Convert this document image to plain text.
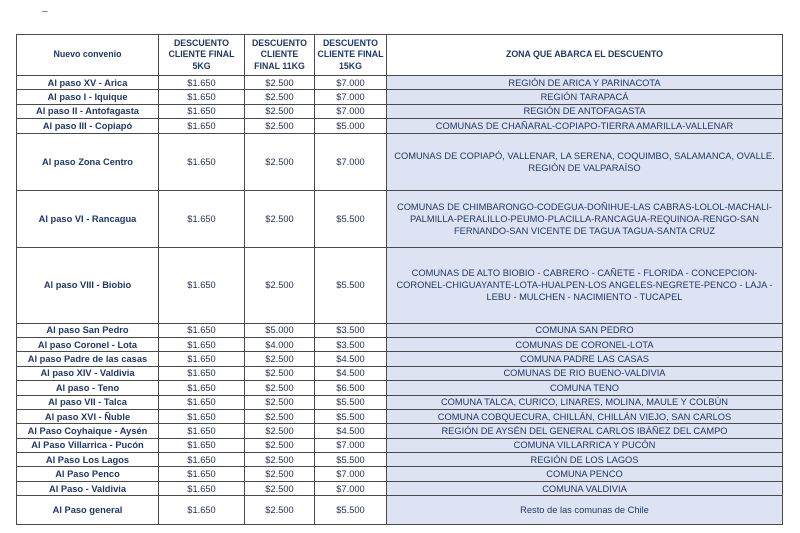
–
Nuevo convenio	DESCUENTO CLIENTE FINAL 5KG	DESCUENTO CLIENTE FINAL 11KG	DESCUENTO CLIENTE FINAL 15KG	ZONA QUE ABARCA EL DESCUENTO
Al paso XV - Arica	$1.650	$2.500	$7.000	REGIÓN DE ARICA Y PARINACOTA
Al paso I - Iquique	$1.650	$2.500	$7.000	REGIÓN TARAPACÁ
Al paso II - Antofagasta	$1.650	$2.500	$7.000	REGIÓN DE ANTOFAGASTA
Al paso III - Copiapó	$1.650	$2.500	$5.000	COMUNAS DE CHAÑARAL-COPIAPO-TIERRA AMARILLA-VALLENAR
Al paso Zona Centro	$1.650	$2.500	$7.000	COMUNAS DE COPIAPÓ, VALLENAR, LA SERENA, COQUIMBO, SALAMANCA, OVALLE. REGIÓN DE VALPARAÍSO
Al paso VI - Rancagua	$1.650	$2.500	$5.500	COMUNAS DE CHIMBARONGO-CODEGUA-DOÑIHUE-LAS CABRAS-LOLOL-MACHALI-PALMILLA-PERALILLO-PEUMO-PLACILLA-RANCAGUA-REQUINOA-RENGO-SAN FERNANDO-SAN VICENTE DE TAGUA TAGUA-SANTA CRUZ
Al paso VIII - Biobio	$1.650	$2.500	$5.500	COMUNAS DE ALTO BIOBIO - CABRERO - CAÑETE - FLORIDA - CONCEPCION-CORONEL-CHIGUAYANTE-LOTA-HUALPEN-LOS ANGELES-NEGRETE-PENCO - LAJA - LEBU - MULCHEN - NACIMIENTO - TUCAPEL
Al paso San Pedro	$1.650	$5.000	$3.500	COMUNA SAN PEDRO
Al paso Coronel - Lota	$1.650	$4.000	$3.500	COMUNAS DE CORONEL-LOTA
Al paso Padre de las casas	$1.650	$2.500	$4.500	COMUNA PADRE LAS CASAS
Al paso XIV - Valdivia	$1.650	$2.500	$4.500	COMUNAS DE RIO BUENO-VALDIVIA
Al paso - Teno	$1.650	$2.500	$6.500	COMUNA TENO
Al paso VII - Talca	$1.650	$2.500	$5.500	COMUNA TALCA, CURICO, LINARES, MOLINA, MAULE Y COLBÚN
Al paso XVI - Ñuble	$1.650	$2.500	$5.500	COMUNA COBQUECURA, CHILLÁN, CHILLÁN VIEJO, SAN CARLOS
Al Paso Coyhaique - Aysén	$1.650	$2.500	$4.500	REGIÓN DE AYSÉN DEL GENERAL CARLOS IBÁÑEZ DEL CAMPO
Al Paso Villarrica - Pucón	$1.650	$2.500	$7.000	COMUNA VILLARRICA Y PUCÓN
Al Paso Los Lagos	$1.650	$2.500	$5.500	REGIÓN DE LOS LAGOS
Al Paso Penco	$1.650	$2.500	$7.000	COMUNA PENCO
Al Paso - Valdivia	$1.650	$2.500	$7.000	COMUNA VALDIVIA
Al Paso general	$1.650	$2.500	$5.500	Resto de las comunas de Chile
